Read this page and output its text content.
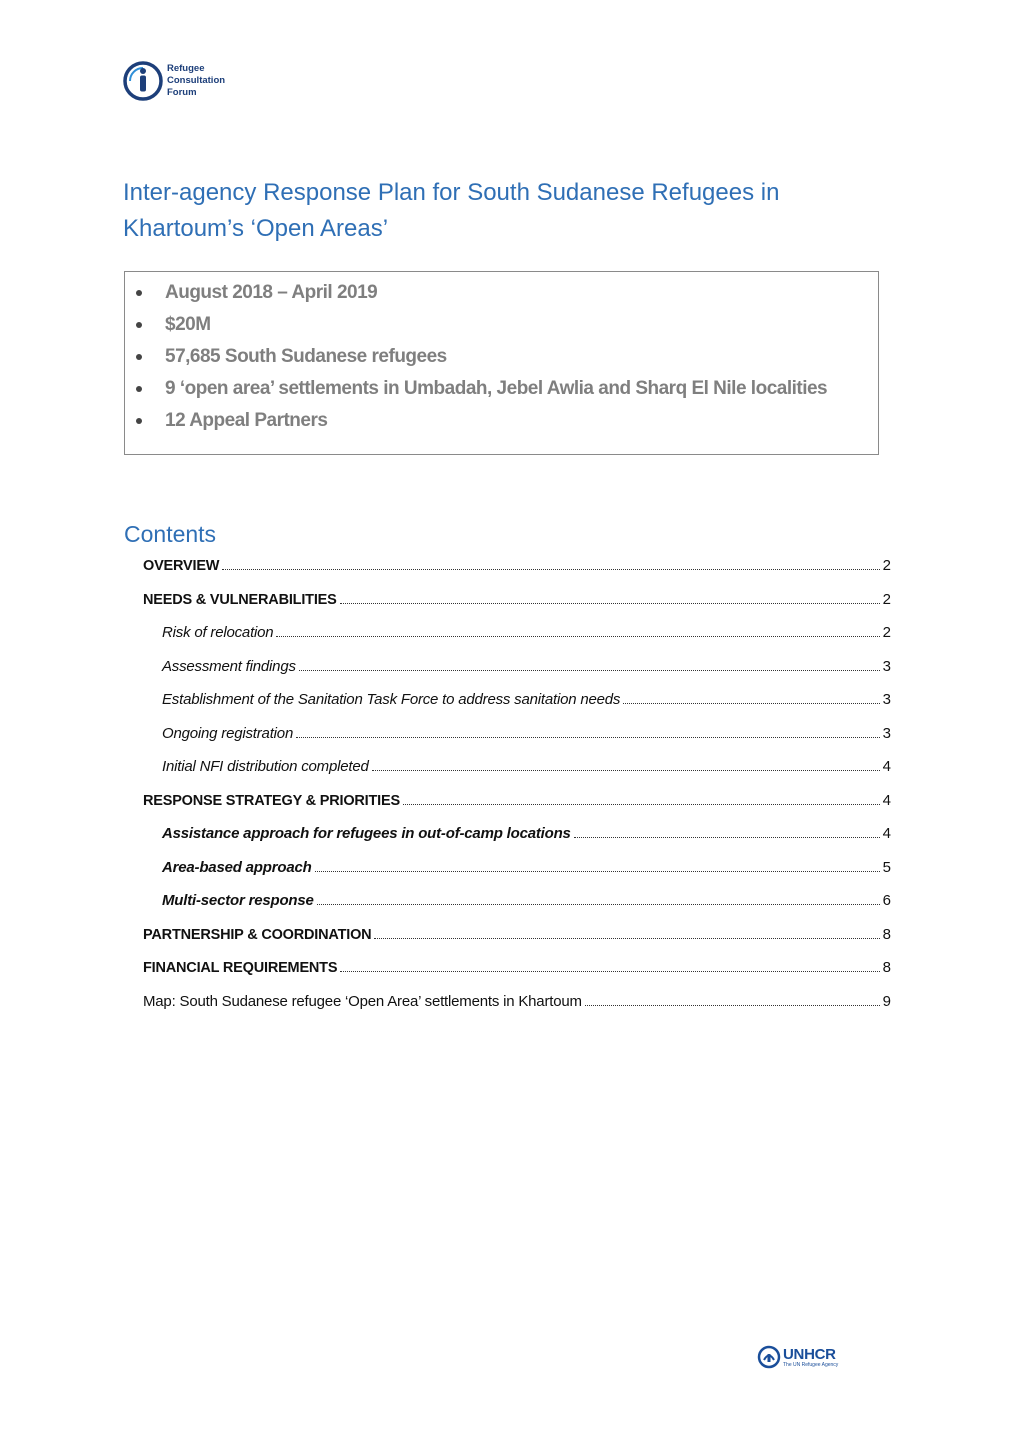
Refugee
Consultation
Forum
Inter-agency Response Plan for South Sudanese Refugees in
Khartoum’s ‘Open Areas’
August 2018 – April 2019
$20M
57,685 South Sudanese refugees
9 ‘open area’ settlements in Umbadah, Jebel Awlia and Sharq El Nile localities
12 Appeal Partners
Contents
OVERVIEW	2
NEEDS & VULNERABILITIES	2
Risk of relocation	2
Assessment findings	3
Establishment of the Sanitation Task Force to address sanitation needs	3
Ongoing registration	3
Initial NFI distribution completed	4
RESPONSE STRATEGY & PRIORITIES	4
Assistance approach for refugees in out-of-camp locations	4
Area-based approach	5
Multi-sector response	6
PARTNERSHIP & COORDINATION	8
FINANCIAL REQUIREMENTS	8
Map: South Sudanese refugee ‘Open Area’ settlements in Khartoum	9
UNHCR
The UN Refugee Agency
